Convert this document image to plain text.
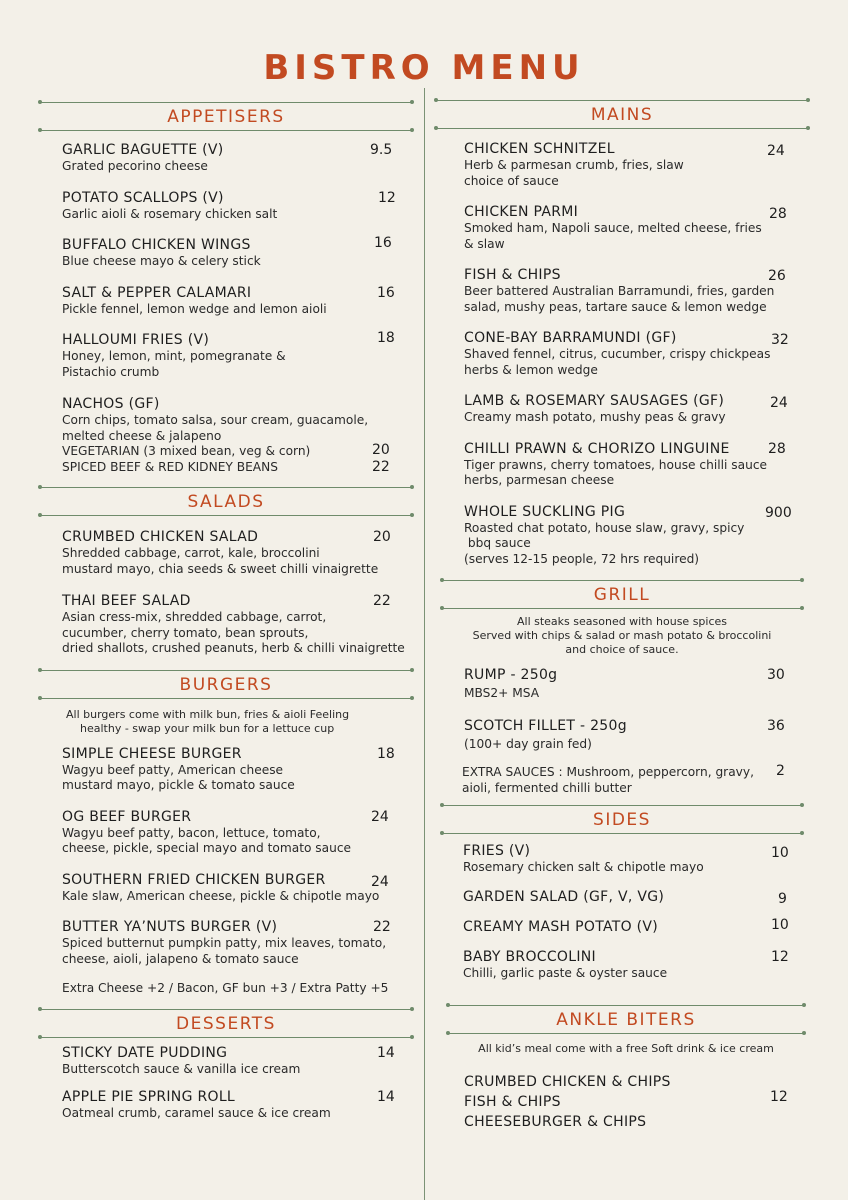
BISTRO MENU
APPETISERS
GARLIC BAGUETTE (V)
Grated pecorino cheese
9.5
POTATO SCALLOPS (V)
Garlic aioli & rosemary chicken salt
12
BUFFALO CHICKEN WINGS
Blue cheese mayo & celery stick
16
SALT & PEPPER CALAMARI
Pickle fennel, lemon wedge and lemon aioli
16
HALLOUMI FRIES (V)
Honey, lemon, mint, pomegranate &
Pistachio crumb
18
NACHOS (GF)
Corn chips, tomato salsa, sour cream, guacamole,
melted cheese & jalapeno
VEGETARIAN (3 mixed bean, veg & corn)
SPICED BEEF & RED KIDNEY BEANS
20
22
SALADS
CRUMBED CHICKEN SALAD
Shredded cabbage, carrot, kale, broccolini
mustard mayo, chia seeds & sweet chilli vinaigrette
20
THAI BEEF SALAD
Asian cress-mix, shredded cabbage, carrot,
cucumber, cherry tomato, bean sprouts,
dried shallots, crushed peanuts, herb & chilli vinaigrette
22
BURGERS
All burgers come with milk bun, fries & aioli Feeling
healthy - swap your milk bun for a lettuce cup
SIMPLE CHEESE BURGER
Wagyu beef patty, American cheese
mustard mayo, pickle & tomato sauce
18
OG BEEF BURGER
Wagyu beef patty, bacon, lettuce, tomato,
cheese, pickle, special mayo and tomato sauce
24
SOUTHERN FRIED CHICKEN BURGER
Kale slaw, American cheese, pickle & chipotle mayo
24
BUTTER YA’NUTS BURGER (V)
Spiced butternut pumpkin patty, mix leaves, tomato,
cheese, aioli, jalapeno & tomato sauce
22
Extra Cheese +2 / Bacon, GF bun +3 / Extra Patty +5
DESSERTS
STICKY DATE PUDDING
Butterscotch sauce & vanilla ice cream
14
APPLE PIE SPRING ROLL
Oatmeal crumb, caramel sauce & ice cream
14
MAINS
CHICKEN SCHNITZEL
Herb & parmesan crumb, fries, slaw
choice of sauce
24
CHICKEN PARMI
Smoked ham, Napoli sauce, melted cheese, fries
& slaw
28
FISH & CHIPS
Beer battered Australian Barramundi, fries, garden
salad, mushy peas, tartare sauce & lemon wedge
26
CONE-BAY BARRAMUNDI (GF)
Shaved fennel, citrus, cucumber, crispy chickpeas
herbs & lemon wedge
32
LAMB & ROSEMARY SAUSAGES (GF)
Creamy mash potato, mushy peas & gravy
24
CHILLI PRAWN & CHORIZO LINGUINE
Tiger prawns, cherry tomatoes, house chilli sauce
herbs, parmesan cheese
28
WHOLE SUCKLING PIG
Roasted chat potato, house slaw, gravy, spicy
bbq sauce
(serves 12-15 people, 72 hrs required)
900
GRILL
All steaks seasoned with house spices
Served with chips & salad or mash potato & broccolini
and choice of sauce.
RUMP - 250g
MBS2+ MSA
30
SCOTCH FILLET - 250g
(100+ day grain fed)
36
EXTRA SAUCES : Mushroom, peppercorn, gravy,
aioli, fermented chilli butter
2
SIDES
FRIES (V)
Rosemary chicken salt & chipotle mayo
10
GARDEN SALAD (GF, V, VG)	9
CREAMY MASH POTATO (V)	10
BABY BROCCOLINI
Chilli, garlic paste & oyster sauce
12
ANKLE BITERS
All kid’s meal come with a free Soft drink & ice cream
CRUMBED CHICKEN & CHIPS
FISH & CHIPS
CHEESEBURGER & CHIPS
12
